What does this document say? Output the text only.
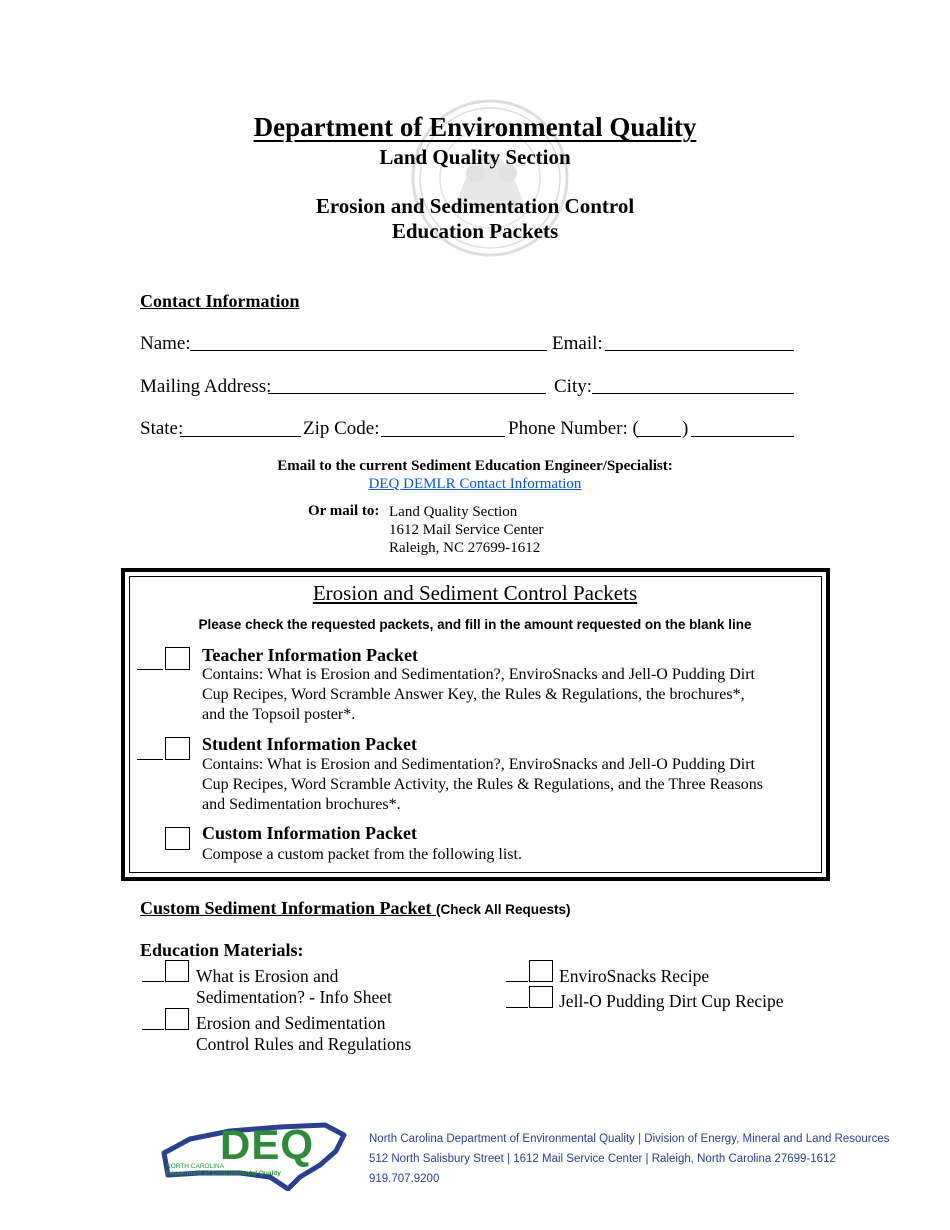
Department of Environmental Quality
Land Quality Section
Erosion and Sedimentation Control
Education Packets
Contact Information
Name:	Email:
Mailing Address:	City:
State:	Zip Code:	Phone Number: ( )
Email to the current Sediment Education Engineer/Specialist:
DEQ DEMLR Contact Information
Or mail to: Land Quality Section
1612 Mail Service Center
Raleigh, NC 27699-1612
Erosion and Sediment Control Packets
Please check the requested packets, and fill in the amount requested on the blank line
Teacher Information Packet
Contains: What is Erosion and Sedimentation?, EnviroSnacks and Jell-O Pudding Dirt
Cup Recipes, Word Scramble Answer Key, the Rules & Regulations, the brochures*,
and the Topsoil poster*.
Student Information Packet
Contains: What is Erosion and Sedimentation?, EnviroSnacks and Jell-O Pudding Dirt
Cup Recipes, Word Scramble Activity, the Rules & Regulations, and the Three Reasons
and Sedimentation brochures*.
Custom Information Packet
Compose a custom packet from the following list.
Custom Sediment Information Packet (Check All Requests)
Education Materials:
What is Erosion and
Sedimentation? - Info Sheet
Erosion and Sedimentation
Control Rules and Regulations
EnviroSnacks Recipe
Jell-O Pudding Dirt Cup Recipe
DEQ
NORTH CAROLINA
Department of Environmental Quality
North Carolina Department of Environmental Quality | Division of Energy, Mineral and Land Resources
512 North Salisbury Street | 1612 Mail Service Center | Raleigh, North Carolina 27699-1612
919.707.9200
